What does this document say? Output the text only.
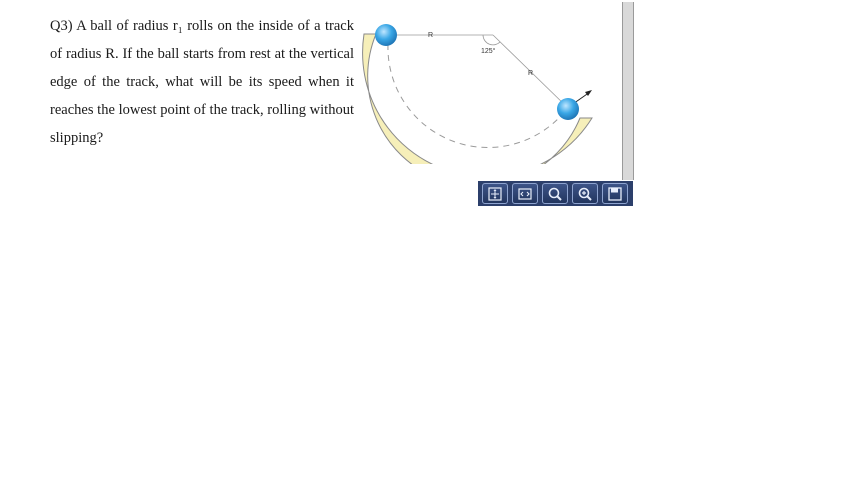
Q3) A ball of radius r₁ rolls on the inside of a track
of radius R. If the ball starts from rest at the vertical
edge of the track, what will be its speed when it
reaches the lowest point of the track, rolling without
slipping?
R
125°
R
